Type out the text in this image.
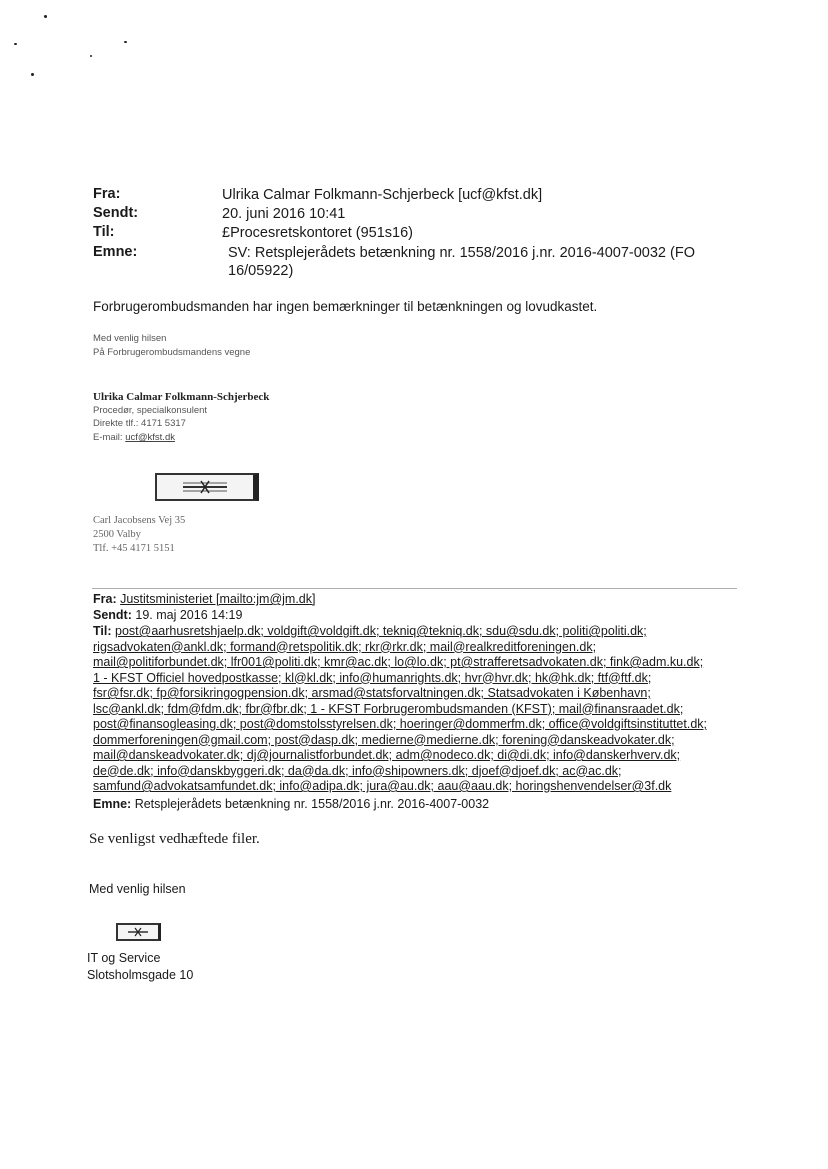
Fra:	Ulrika Calmar Folkmann-Schjerbeck [ucf@kfst.dk]
Sendt:	20. juni 2016 10:41
Til:	£Procesretskontoret (951s16)
Emne:	SV: Retsplejerådets betænkning nr. 1558/2016 j.nr. 2016-4007-0032 (FO 16/05922)
Forbrugerombudsmanden har ingen bemærkninger til betænkningen og lovudkastet.
Med venlig hilsen
På Forbrugerombudsmandens vegne
Ulrika Calmar Folkmann-Schjerbeck
Procedør, specialkonsulent
Direkte tlf.: 4171 5317
E-mail: ucf@kfst.dk
Carl Jacobsens Vej 35
2500 Valby
Tlf. +45 4171 5151
Fra: Justitsministeriet [mailto:jm@jm.dk]
Sendt: 19. maj 2016 14:19
Til: post@aarhusretshjaelp.dk; voldgift@voldgift.dk; tekniq@tekniq.dk; sdu@sdu.dk; politi@politi.dk;
rigsadvokaten@ankl.dk; formand@retspolitik.dk; rkr@rkr.dk; mail@realkreditforeningen.dk;
mail@politiforbundet.dk; lfr001@politi.dk; kmr@ac.dk; lo@lo.dk; pt@strafferetsadvokaten.dk; fink@adm.ku.dk;
1 - KFST Officiel hovedpostkasse; kl@kl.dk; info@humanrights.dk; hvr@hvr.dk; hk@hk.dk; ftf@ftf.dk;
fsr@fsr.dk; fp@forsikringogpension.dk; arsmad@statsforvaltningen.dk; Statsadvokaten i København;
lsc@ankl.dk; fdm@fdm.dk; fbr@fbr.dk; 1 - KFST Forbrugerombudsmanden (KFST); mail@finansraadet.dk;
post@finansogleasing.dk; post@domstolsstyrelsen.dk; hoeringer@dommerfm.dk; office@voldgiftsinstituttet.dk;
dommerforeningen@gmail.com; post@dasp.dk; medierne@medierne.dk; forening@danskeadvokater.dk;
mail@danskeadvokater.dk; dj@journalistforbundet.dk; adm@nodeco.dk; di@di.dk; info@danskerhverv.dk;
de@de.dk; info@danskbyggeri.dk; da@da.dk; info@shipowners.dk; djoef@djoef.dk; ac@ac.dk;
samfund@advokatsamfundet.dk; info@adipa.dk; jura@au.dk; aau@aau.dk; horingshenvendelser@3f.dk
Emne: Retsplejerådets betænkning nr. 1558/2016 j.nr. 2016-4007-0032
Se venligst vedhæftede filer.
Med venlig hilsen
IT og Service
Slotsholmsgade 10
